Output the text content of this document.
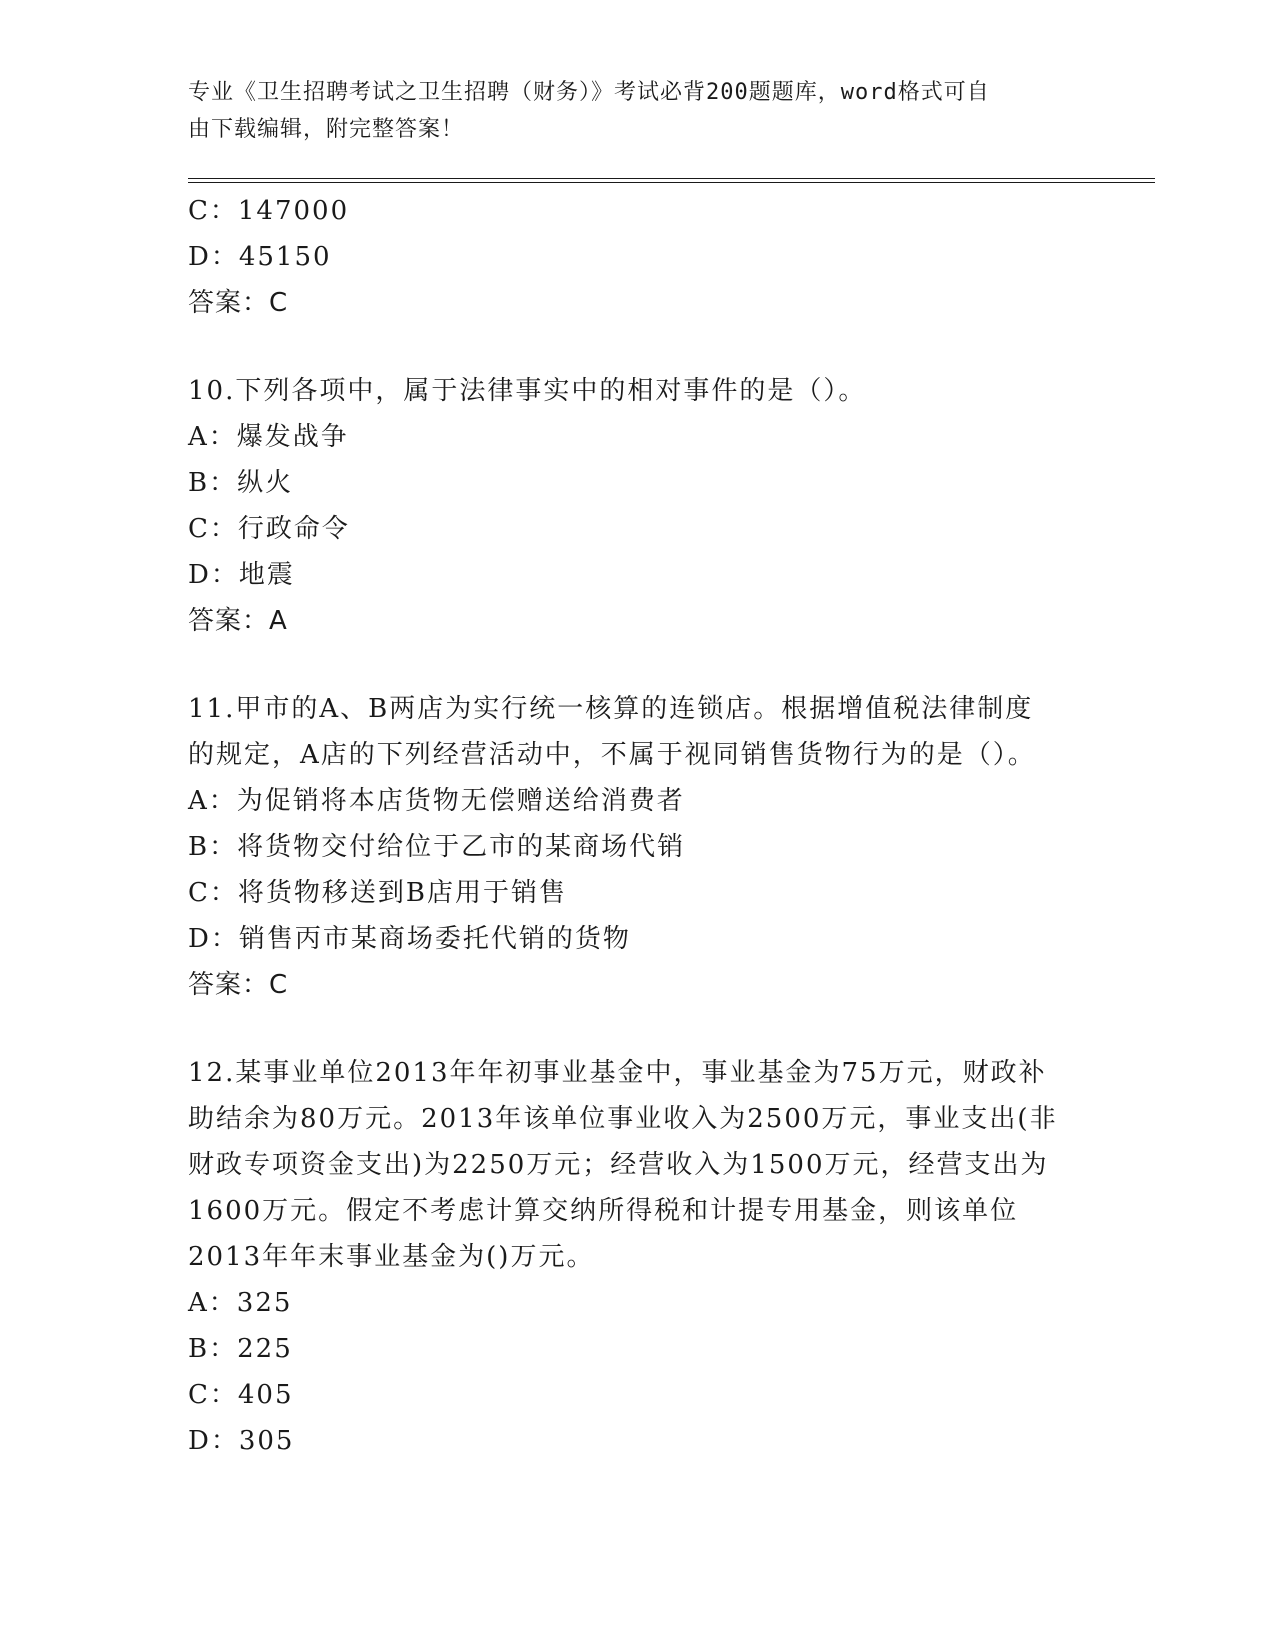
专业《卫生招聘考试之卫生招聘（财务）》考试必背200题题库，word格式可自
由下载编辑，附完整答案！
C：147000
D：45150
答案：C
10.下列各项中，属于法律事实中的相对事件的是（）。
A：爆发战争
B：纵火
C：行政命令
D：地震
答案：A
11.甲市的A、B两店为实行统一核算的连锁店。根据增值税法律制度
的规定，A店的下列经营活动中，不属于视同销售货物行为的是（）。
A：为促销将本店货物无偿赠送给消费者
B：将货物交付给位于乙市的某商场代销
C：将货物移送到B店用于销售
D：销售丙市某商场委托代销的货物
答案：C
12.某事业单位2013年年初事业基金中，事业基金为75万元，财政补
助结余为80万元。2013年该单位事业收入为2500万元，事业支出(非
财政专项资金支出)为2250万元；经营收入为1500万元，经营支出为
1600万元。假定不考虑计算交纳所得税和计提专用基金，则该单位
2013年年末事业基金为()万元。
A：325
B：225
C：405
D：305
